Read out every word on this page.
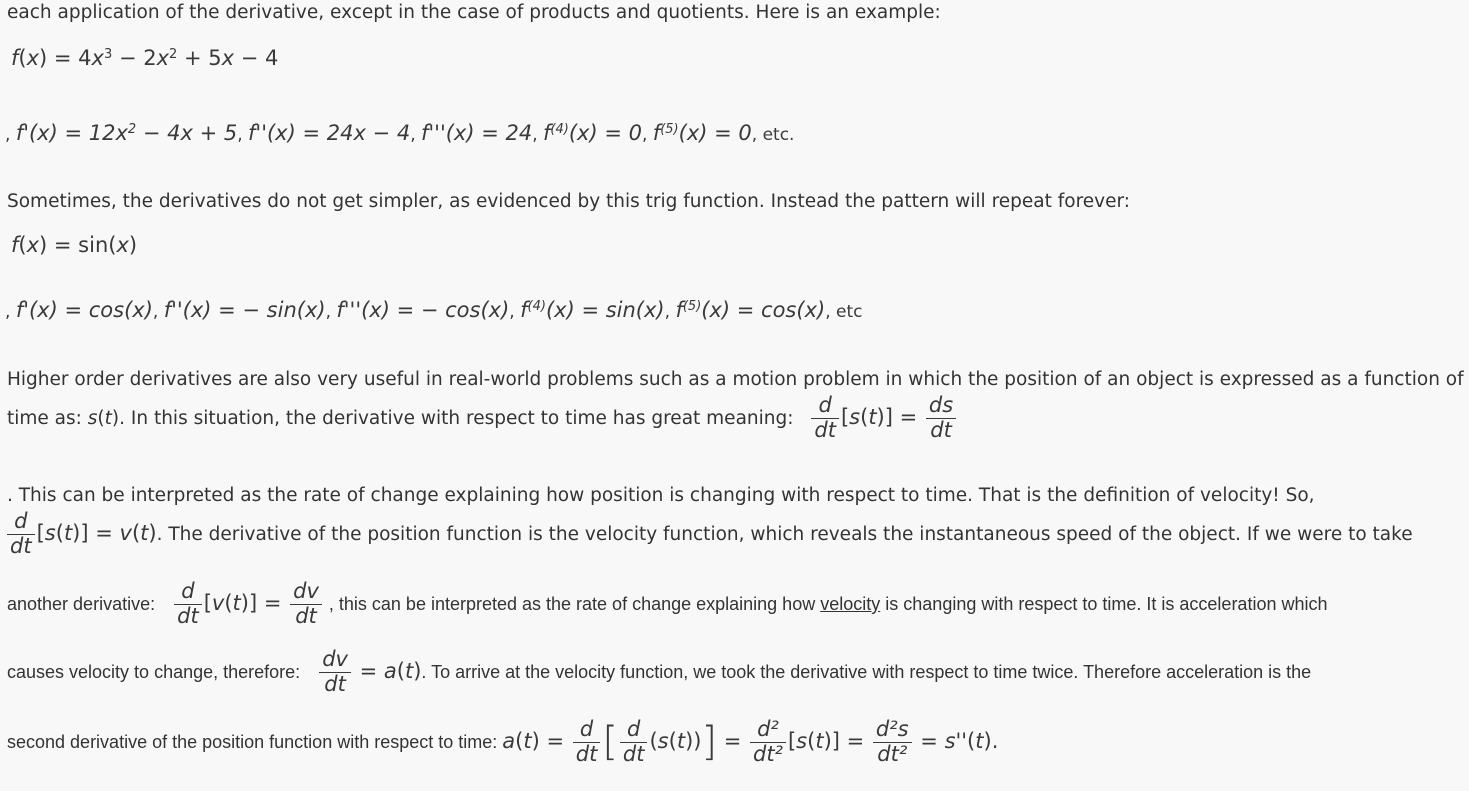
each application of the derivative, except in the case of products and quotients. Here is an example:
$f(x) = 4x^3 - 2x^2 + 5x - 4$
, $f'(x) = 12x^2 - 4x + 5$, f''(x) = 24x − 4, f'''(x) = 24, $f^{(4)}(x) = 0$, $f^{(5)}(x) = 0$, etc.
Sometimes, the derivatives do not get simpler, as evidenced by this trig function. Instead the pattern will repeat forever:
f(x) = sin(x)
, f'(x) = cos(x), f''(x) = − sin(x), f'''(x) = − cos(x), $f^{(4)}(x) = \sin(x)$, $f^{(5)}(x) = \cos(x)$, etc
Higher order derivatives are also very useful in real-world problems such as a motion problem in which the position of an object is expressed as a function of
time as: s(t). In this situation, the derivative with respect to time has great meaning: $\frac{d}{dt} [s(t)] = \frac{ds}{dt}$
. This can be interpreted as the rate of change explaining how position is changing with respect to time. That is the definition of velocity! So,
$\frac{d}{dt} [s(t)] = v(t)$. The derivative of the position function is the velocity function, which reveals the instantaneous speed of the object. If we were to take
another derivative: $\frac{d}{dt} [v(t)] = \frac{dv}{dt}$ , this can be interpreted as the rate of change explaining how velocity is changing with respect to time. It is acceleration which
causes velocity to change, therefore: $\frac{dv}{dt} = a(t)$. To arrive at the velocity function, we took the derivative with respect to time twice. Therefore acceleration is the
second derivative of the position function with respect to time: $a(t) = \frac{d}{dt}$ [ $\frac{d}{dt} (s(t))] = \frac{\text{d²}}{\text{dt²}} [s(t)] = \frac{\text{d²s}}{\text{dt²}} = s''(t)$.
